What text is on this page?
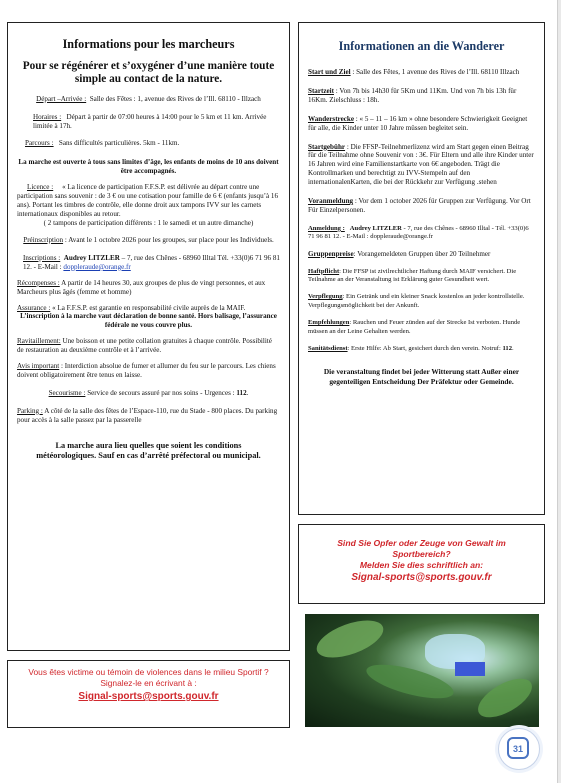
Informations pour les marcheurs
Pour se régénérer et s’oxygéner d’une manière toute simple au contact de la nature.

Départ –Arrivée : Salle des Fêtes : 1, avenue des Rives de l’Ill. 68110 - Illzach

Horaires : Départ à partir de 07:00 heures à 14:00 pour le 5 km et 11 km. Arrivée limitée à 17h.

Parcours : Sans difficultés particulières. 5km - 11km.

La marche est ouverte à tous sans limites d’âge, les enfants de moins de 10 ans doivent être accompagnés.

Licence : « La licence de participation F.F.S.P. est délivrée au départ contre une participation sans souvenir : de 3 € ou une cotisation pour famille de 6 € (enfants jusqu’à 16 ans). Portant les timbres de contrôle, elle donne droit aux tampons IVV sur les carnets internationaux disponibles au retour.

( 2 tampons de participation différents : 1 le samedi et un autre dimanche)

Préinscription : Avant le 1 octobre 2026 pour les groupes, sur place pour les Individuels.

Inscriptions : Audrey LITZLER – 7, rue des Chênes - 68960 Illtal Tél. +33(0)6 71 96 81 12. - E-Mail : doppleraude@orange.fr

Récompenses : A partir de 14 heures 30, aux groupes de plus de vingt personnes, et aux Marcheurs plus âgés (femme et homme)

Assurance : « La F.F.S.P. est garantie en responsabilité civile auprès de la MAIF.

L’inscription à la marche vaut déclaration de bonne santé. Hors balisage, l’assurance fédérale ne vous couvre plus.

Ravitaillement: Une boisson et une petite collation gratuites à chaque contrôle. Possibilité de restauration au deuxième contrôle et à l’arrivée.

Avis important : Interdiction absolue de fumer et allumer du feu sur le parcours. Les chiens doivent obligatoirement être tenus en laisse.

Secourisme : Service de secours assuré par nos soins - Urgences : 112.

Parking : A côté de la salle des fêtes de l’Espace-110, rue du Stade - 800 places. Du parking pour accès à la salle passez par la passerelle

La marche aura lieu quelles que soient les conditions météorologiques. Sauf en cas d’arrêté préfectoral ou municipal.

Vous êtes victime ou témoin de violences dans le milieu Sportif ?

Signalez-le en écrivant à :

Signal-sports@sports.gouv.fr

Informationen an die Wanderer

Start und Ziel : Salle des Fêtes, 1 avenue des Rives de l’Ill. 68110 Illzach

Startzeit : Von 7h bis 14h30 für 5Km und 11Km. Und von 7h bis 13h für 16Km. Zielschluss : 18h.

Wanderstrecke : « 5 – 11 – 16 km » ohne besondere Schwierigkeit Geeignet für alle, die Kinder unter 10 Jahre müssen begleitet sein.

Startgebühr : Die FFSP-Teilnehmerlizenz wird am Start gegen einen Beitrag für die Teilnahme ohne Souvenir von : 3€. Für Eltern und alle ihre Kinder unter 16 Jahren wird eine Familienstartkarte von 6€ angeboden. Trägt die Kontrollmarken und berechtigt zu IVV-Stempeln auf den internationalenKarten, die bei der Rückkehr zur Verfügung .stehen

Voranmeldung : Vor dem 1 october 2026 für Gruppen zur Verfügung. Vor Ort Für Einzelpersonen.

Anmeldung : Audrey LITZLER - 7, rue des Chênes - 68960 Illtal - Tél. +33(0)6 71 96 81 12. - E-Mail : doppleraude@orange.fr

Gruppenpreise: Vorangemeldeten Gruppen über 20 Teilnehmer

Haftpflicht: Die FFSP ist zivilrechtlicher Haftung durch MAIF versichert. Die Teilnahme an der Veranstaltung ist Erklärung guter Gesundheit wert.

Verpflegung: Ein Getränk und ein kleiner Snack kostenlos an jeder kontrollstelle. Verpflegungsmöglichkeit bei der Ankunft.

Empfehlungen: Rauchen und Feuer zünden auf der Strecke Ist verboten. Hunde müssen an der Leine Gehalten werden.

Sanitätsdienst: Erste Hilfe: Ab Start, gesichert durch den verein. Notruf: 112.

Die veranstaltung findet bei jeder Witterung statt Außer einer gegenteiligen Entscheidung Der Präfektur oder Gemeinde.

Sind Sie Opfer oder Zeuge von Gewalt im Sportbereich?

Melden Sie dies schriftlich an:

Signal-sports@sports.gouv.fr

31
